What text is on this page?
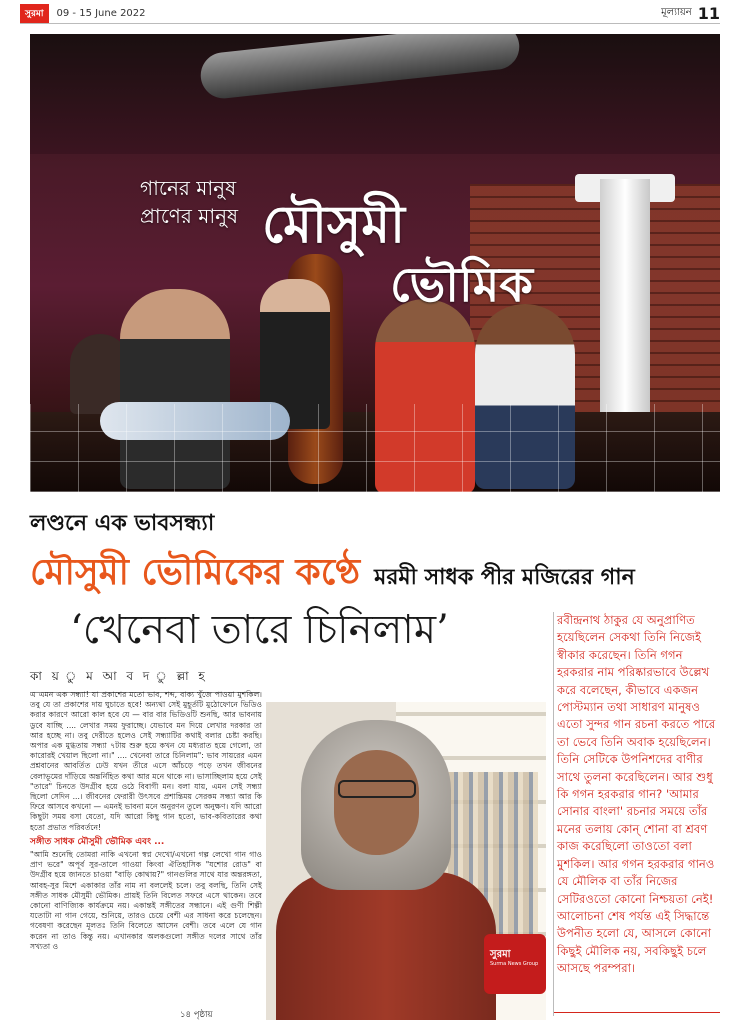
সুরমা	09 - 15 June 2022	মূল্যায়ন 11
গানের মানুষ
প্রাণের মানুষ মৌসুমী
ভৌমিক
লণ্ডনে এক ভাবসন্ধ্যা
মৌসুমী ভৌমিকের কণ্ঠে মরমী সাধক পীর মজিরের গান
‘খেনেবা তারে চিনিলাম’
কা য় ু ম আ ব দ ু ল্লা হ

এ এমন এক সন্ধ্যা! যা প্রকাশের মতো ভাব, শব্দ, বাক্য খুঁজে পাওয়া মুশকিল। তবু যে তা প্রকাশের দায় ঘুচাতে হবে! অন্যথা সেই মুহূর্তটি মুঠোফোনে ভিডিও করার কারণে আরো কাল হবে যে — বার বার ভিডিওটি শুনছি, আর ভাবনায় ডুবে যাচ্ছি .... লেখার সময় ফুরাচ্ছে। যেভাবে মন দিয়ে লেখার দরকার তা আর হচ্ছে না। তবু দেরীতে হলেও সেই সন্ধ্যাটির কথাই বলার চেষ্টা করছি। অপার এক মুগ্ধতায় সন্ধ্যা ৭টায় শুরু হয়ে কখন যে মধ্যরাত হয়ে গেলো, তা কারোরই খেয়াল ছিলো না।" .... খেনেবা তারে চিনিলাম": ভাব সায়রের এমন প্রশ্নবানের আবর্তিত ঢেউ যখন তীরে এসে আঁচড়ে পড়ে তখন জীবনের বেলাভূমের দাঁড়িয়ে অন্তর্নিহিত কথা আর মনে থাকে না। ভাসাচ্ছিলাম হয়ে সেই "তারে" চিনতে উদগ্রীব হয়ে ওঠে বিবাগী মন। বলা যায়, এমন সেই সন্ধ্যা ছিলো সেদিন ...। জীবনের ফেরারী উৎসবে প্রশান্তিময় সেরকম সন্ধ্যা আর কি ফিরে আসবে কখনো — এমনই ভাবনা মনে অনুরণন তুলে অনুক্ষণ। যদি আরো কিছুটা সময় বসা যেতো, যদি আরো কিছু গান হতো, ভাব-কবিতারের কথা হতো প্রভাত পরিবর্তনে!

সঙ্গীত সাধক মৌসুমী ভৌমিক এবং ...

"আমি শুনেছি তোমরা নাকি এখনো স্বপ্ন দেখো/এখনো গল্প লেখো গান গাও প্রাণ ভরে" অপূর্ব সুর-তালে গাওয়া কিংবা ঐতিহাসিক "যশোর রোড" বা উদগ্রীব হয়ে জানতে চাওয়া "বাড়ি কোথায়?" গানগুলির সাথে যার অন্তরঙ্গতা, আবহ-সুর মিশে একাকার তাঁর নাম না বললেই চলে। তবু বলছি, তিনি সেই সঙ্গীত সাধক মৌসুমী ভৌমিক। প্রায়ই তিনি বিলেত সফরে এসে থাকেন। তবে কোনো বাণিজ্যিক কার্যক্রমে নয়। একান্তই সঙ্গীতের সন্ধানে। এই গুণী শিল্পী যতোটা না গান গেয়ে, শুনিয়ে, তারও চেয়ে বেশী এর সাধনা করে চলেছেন। গবেষণা করেছেন মূলতঃ তিনি বিলেতে আসেন বেশী। তবে এলে যে গান করেন না তাও কিন্তু নয়। এখানকার অলকগুলো সঙ্গীত দলের সাথে তাঁর সখ্যতা ও

১৪ পৃষ্ঠায়
সুরমা
Surma News Group
রবীন্দ্রনাথ ঠাকুর যে অনুপ্রাণিত হয়েছিলেন সেকথা তিনি নিজেই স্বীকার করেছেন। তিনি গগন হরকরার নাম পরিষ্কারভাবে উল্লেখ করে বলেছেন, কীভাবে একজন পোস্টম্যান তথা সাধারণ মানুষও এতো সুন্দর গান রচনা করতে পারে তা ভেবে তিনি অবাক হয়েছিলেন। তিনি সেটিকে উপনিশদের বাণীর সাথে তুলনা করেছিলেন। আর শুধু কি গগন হরকরার গান? 'আমার সোনার বাংলা' রচনার সময়ে তাঁর মনের তলায় কোন্ শোনা বা শ্রবণ কাজ করেছিলো তাওতো বলা মুশকিল। আর গগন হরকরার গানও যে মৌলিক বা তাঁর নিজের সেটিরওতো কোনো নিশ্চয়তা নেই! আলোচনা শেষ পর্যন্ত এই সিদ্ধান্তে উপনীত হলো যে, আসলে কোনো কিছুই মৌলিক নয়, সবকিছুই চলে আসছে পরম্পরা।
